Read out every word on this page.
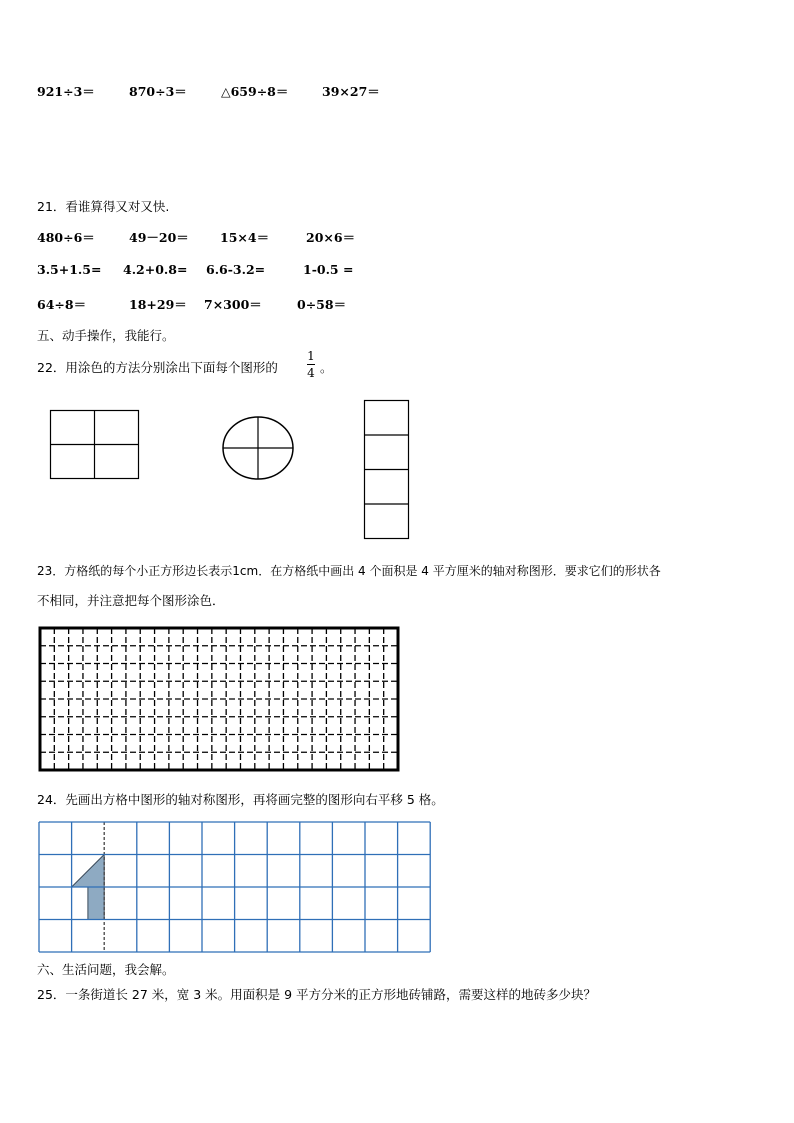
921÷3＝	870÷3＝	△659÷8＝	39×27＝
21．看谁算得又对又快.
480÷6＝	49－20＝ 15×4＝	20×6＝
3.5+1.5= 4.2+0.8= 6.6-3.2=	1-0.5 =
64÷8＝	18+29＝ 7×300＝	0÷58＝
五、动手操作，我能行。
22．用涂色的方法分别涂出下面每个图形的
1
4 。
23．方格纸的每个小正方形边长表示1cm．在方格纸中画出 4 个面积是 4 平方厘米的轴对称图形．要求它们的形状各
不相同，并注意把每个图形涂色．
24．先画出方格中图形的轴对称图形，再将画完整的图形向右平移 5 格。
六、生活问题，我会解。
25．一条街道长 27 米，宽 3 米。用面积是 9 平方分米的正方形地砖铺路，需要这样的地砖多少块？
